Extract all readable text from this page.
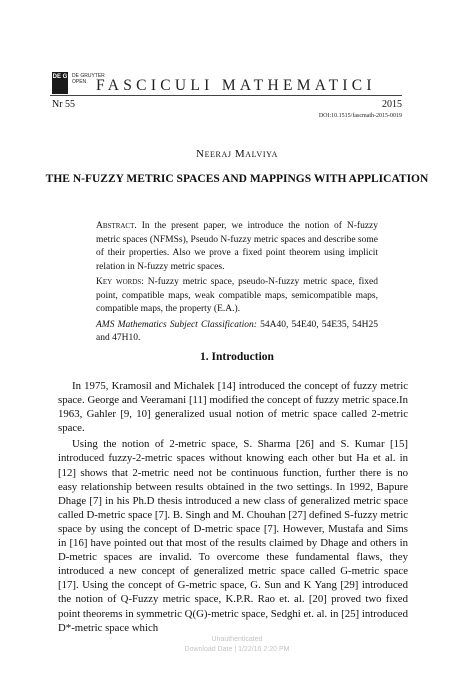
DE G DE GRUYTER
OPEN FASCICULI MATHEMATICI
Nr 55	2015
DOI:10.1515/fascmath-2015-0019
Neeraj Malviya
THE N-FUZZY METRIC SPACES AND MAPPINGS WITH APPLICATION

Abstract. In the present paper, we introduce the notion of N-fuzzy metric spaces (NFMSs), Pseudo N-fuzzy metric spaces and describe some of their properties. Also we prove a fixed point theorem using implicit relation in N-fuzzy metric spaces.

Key words: N-fuzzy metric space, pseudo-N-fuzzy metric space, fixed point, compatible maps, weak compatible maps, semicompatible maps, compatible maps, the property (E.A.).

AMS Mathematics Subject Classification: 54A40, 54E40, 54E35, 54H25 and 47H10.

1. Introduction

In 1975, Kramosil and Michalek [14] introduced the concept of fuzzy metric space. George and Veeramani [11] modified the concept of fuzzy metric space.In 1963, Gahler [9, 10] generalized usual notion of metric space called 2-metric space.

Using the notion of 2-metric space, S. Sharma [26] and S. Kumar [15] introduced fuzzy-2-metric spaces without knowing each other but Ha et al. in [12] shows that 2-metric need not be continuous function, further there is no easy relationship between results obtained in the two settings. In 1992, Bapure Dhage [7] in his Ph.D thesis introduced a new class of generalized metric space called D-metric space [7]. B. Singh and M. Chouhan [27] defined S-fuzzy metric space by using the concept of D-metric space [7]. However, Mustafa and Sims in [16] have pointed out that most of the results claimed by Dhage and others in D-metric spaces are invalid. To overcome these fundamental flaws, they introduced a new concept of generalized metric space called G-metric space [17]. Using the concept of G-metric space, G. Sun and K Yang [29] introduced the notion of Q-Fuzzy metric space, K.P.R. Rao et. al. [20] proved two fixed point theorems in symmetric Q(G)-metric space, Sedghi et. al. in [25] introduced D*-metric space which

Unauthenticated
Download Date | 1/22/16 2:20 PM
